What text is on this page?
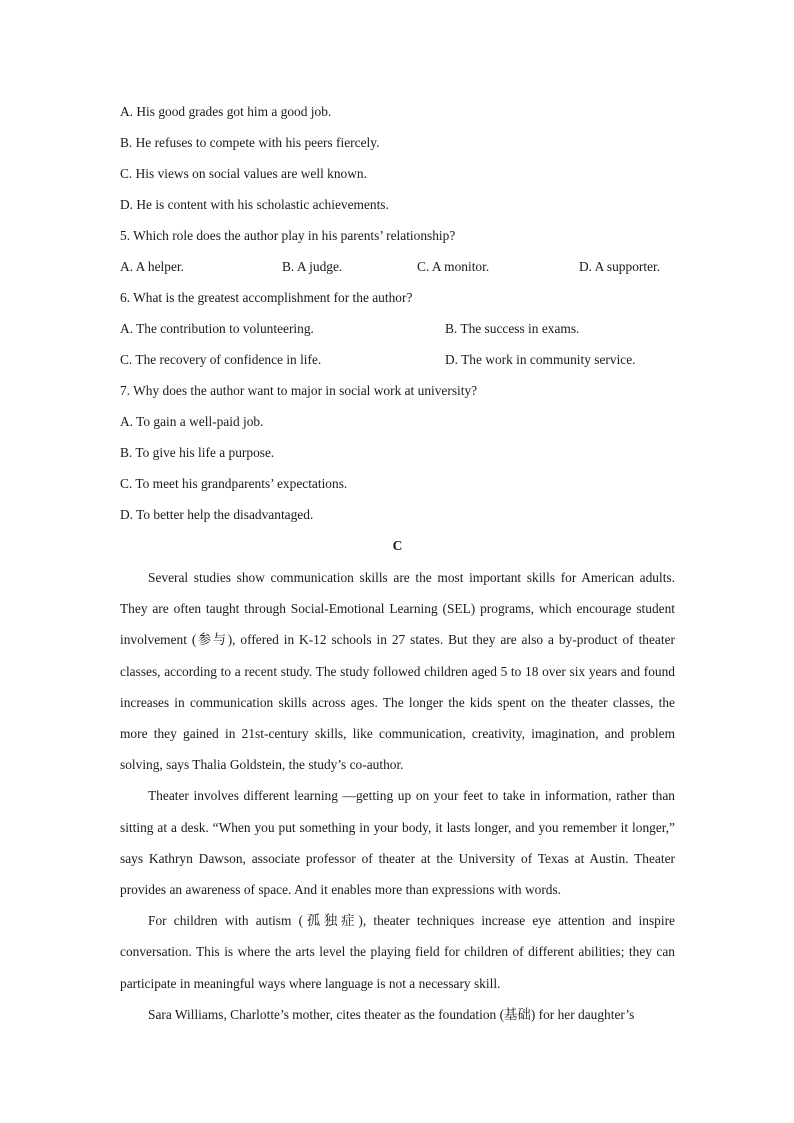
A. His good grades got him a good job.
B. He refuses to compete with his peers fiercely.
C. His views on social values are well known.
D. He is content with his scholastic achievements.
5. Which role does the author play in his parents’ relationship?
A. A helper.	B. A judge.	C. A monitor.	D. A supporter.
6. What is the greatest accomplishment for the author?
A. The contribution to volunteering.	B. The success in exams.
C. The recovery of confidence in life.	D. The work in community service.
7. Why does the author want to major in social work at university?
A. To gain a well-paid job.
B. To give his life a purpose.
C. To meet his grandparents’ expectations.
D. To better help the disadvantaged.
C

Several studies show communication skills are the most important skills for American adults. They are often taught through Social-Emotional Learning (SEL) programs, which encourage student involvement (参与), offered in K-12 schools in 27 states. But they are also a by-product of theater classes, according to a recent study. The study followed children aged 5 to 18 over six years and found increases in communication skills across ages. The longer the kids spent on the theater classes, the more they gained in 21st-century skills, like communication, creativity, imagination, and problem solving, says Thalia Goldstein, the study’s co-author.

Theater involves different learning —getting up on your feet to take in information, rather than sitting at a desk. “When you put something in your body, it lasts longer, and you remember it longer,” says Kathryn Dawson, associate professor of theater at the University of Texas at Austin. Theater provides an awareness of space. And it enables more than expressions with words.

For children with autism (孤独症), theater techniques increase eye attention and inspire conversation. This is where the arts level the playing field for children of different abilities; they can participate in meaningful ways where language is not a necessary skill.

Sara Williams, Charlotte’s mother, cites theater as the foundation (基础) for her daughter’s
